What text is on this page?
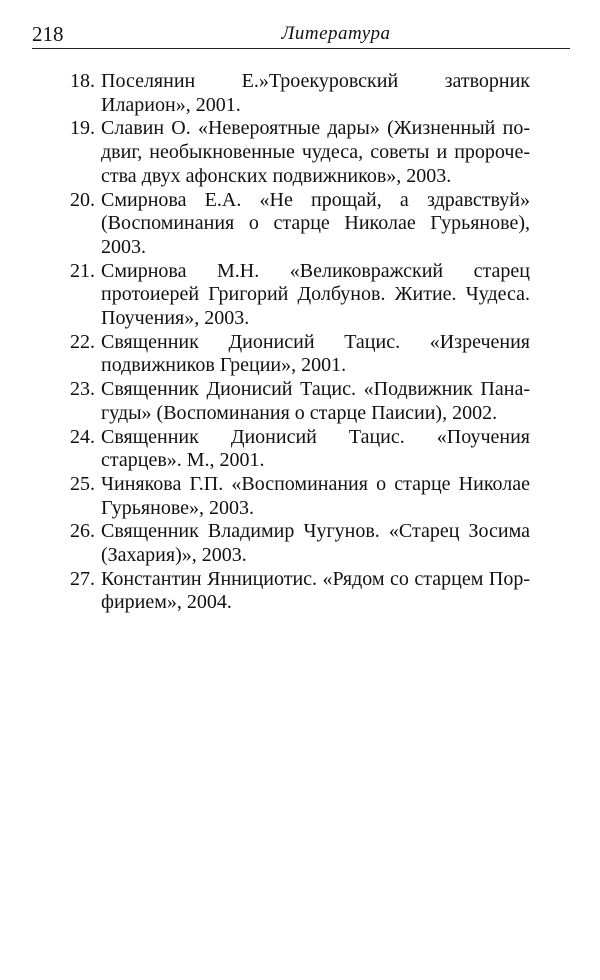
218	Литература
18. Поселянин Е.»Троекуровский затворник Иларион», 2001.
19. Славин О. «Невероятные дары» (Жизненный подвиг, необыкновенные чудеса, советы и пророчества двух афонских подвижников», 2003.
20. Смирнова Е.А. «Не прощай, а здравствуй» (Воспоминания о старце Николае Гурьянове), 2003.
21. Смирнова М.Н. «Великовражский старец протоиерей Григорий Долбунов. Житие. Чудеса. Поучения», 2003.
22. Священник Дионисий Тацис. «Изречения подвижников Греции», 2001.
23. Священник Дионисий Тацис. «Подвижник Панагуды» (Воспоминания о старце Паисии), 2002.
24. Священник Дионисий Тацис. «Поучения старцев». М., 2001.
25. Чинякова Г.П. «Воспоминания о старце Николае Гурьянове», 2003.
26. Священник Владимир Чугунов. «Старец Зосима (Захария)», 2003.
27. Константин Яннициотис. «Рядом со старцем Порфирием», 2004.
